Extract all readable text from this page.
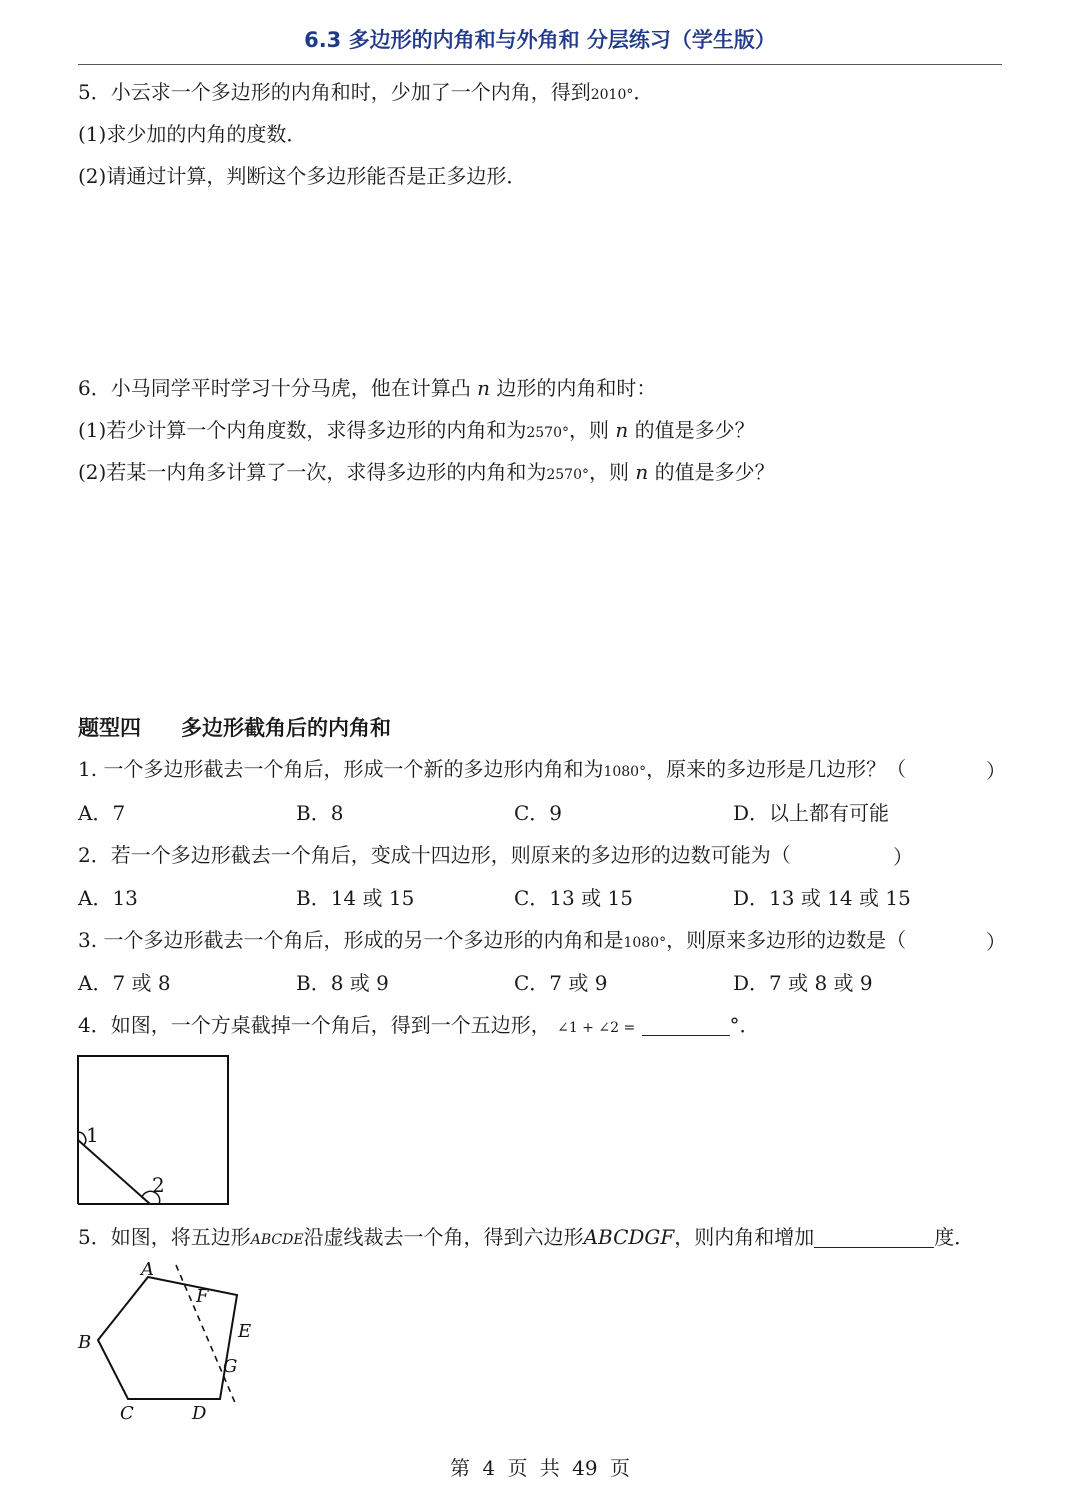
6.3 多边形的内角和与外角和 分层练习（学生版）
5．小云求一个多边形的内角和时，少加了一个内角，得到2010°．
(1)求少加的内角的度数．
(2)请通过计算，判断这个多边形能否是正多边形．
6．小马同学平时学习十分马虎，他在计算凸 n 边形的内角和时：
(1)若少计算一个内角度数，求得多边形的内角和为2570°，则 n 的值是多少？
(2)若某一内角多计算了一次，求得多边形的内角和为2570°，则 n 的值是多少？
题型四 多边形截角后的内角和
1. 一个多边形截去一个角后，形成一个新的多边形内角和为1080°，原来的多边形是几边形？（	）
A．7	B．8	C．9	D．以上都有可能
2．若一个多边形截去一个角后，变成十四边形，则原来的多边形的边数可能为（	）
A．13	B．14 或 15	C．13 或 15	D．13 或 14 或 15
3. 一个多边形截去一个角后，形成的另一个多边形的内角和是1080°，则原来多边形的边数是（	）
A．7 或 8	B．8 或 9	C．7 或 9	D．7 或 8 或 9
4．如图，一个方桌截掉一个角后，得到一个五边形， ∠1 + ∠2 =	°．
1
2
5．如图，将五边形ABCDE沿虚线裁去一个角，得到六边形ABCDGF，则内角和增加	度．
A
B
C	D
E
F
G
第 4 页 共 49 页
